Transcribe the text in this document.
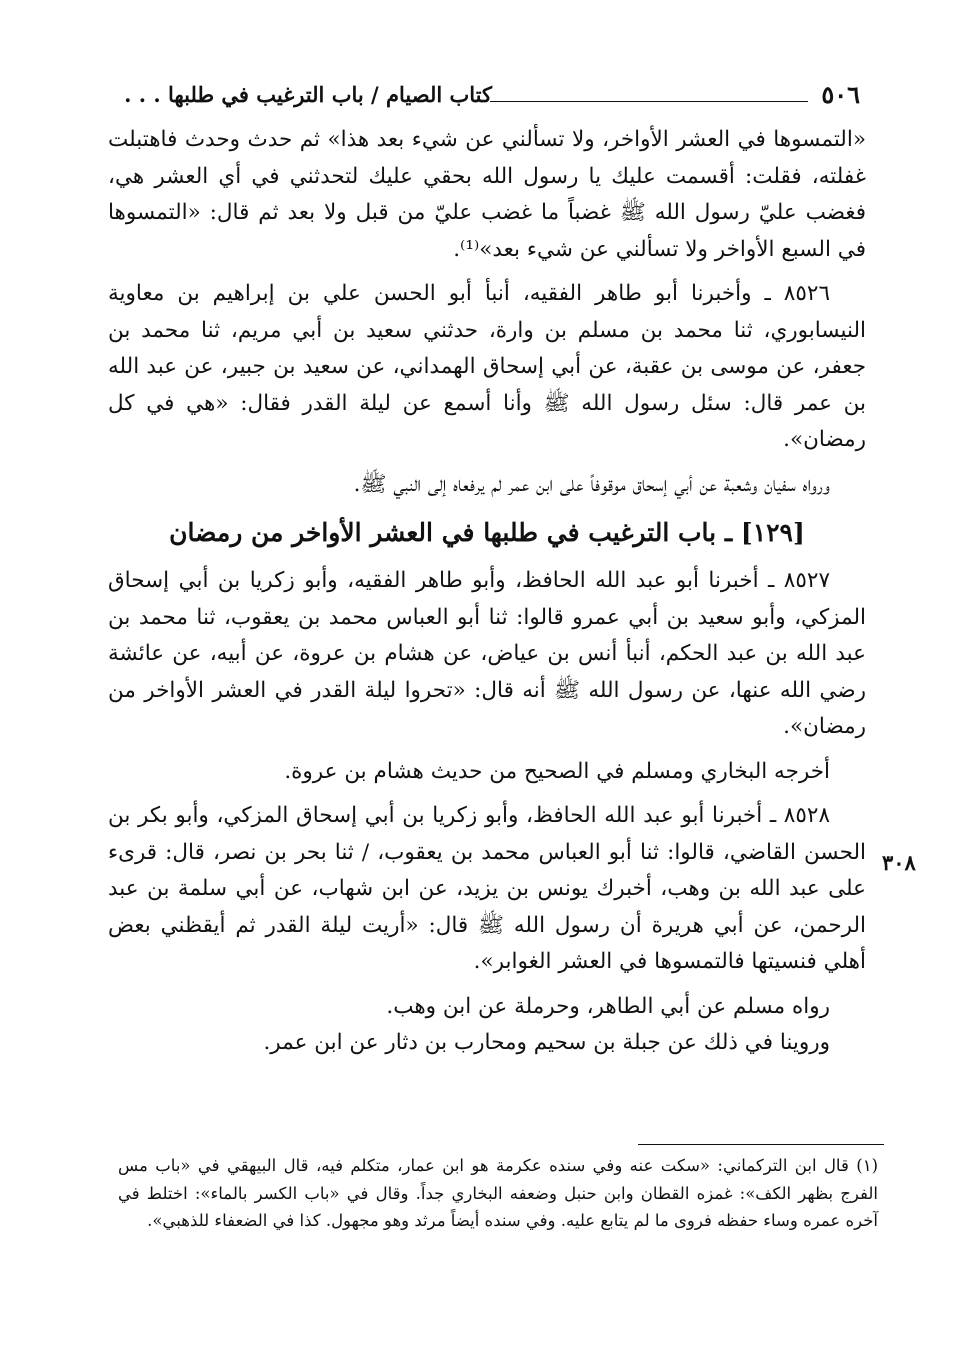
٥٠٦
كتاب الصيام / باب الترغيب في طلبها . . .

«التمسوها في العشر الأواخر، ولا تسألني عن شيء بعد هذا» ثم حدث وحدث فاهتبلت غفلته، فقلت: أقسمت عليك يا رسول الله بحقي عليك لتحدثني في أي العشر هي، فغضب عليّ رسول الله ﷺ غضباً ما غضب عليّ من قبل ولا بعد ثم قال: «التمسوها في السبع الأواخر ولا تسألني عن شيء بعد»⁽¹⁾.

٨٥٢٦ ـ وأخبرنا أبو طاهر الفقيه، أنبأ أبو الحسن علي بن إبراهيم بن معاوية النيسابوري، ثنا محمد بن مسلم بن وارة، حدثني سعيد بن أبي مريم، ثنا محمد بن جعفر، عن موسى بن عقبة، عن أبي إسحاق الهمداني، عن سعيد بن جبير، عن عبد الله بن عمر قال: سئل رسول الله ﷺ وأنا أسمع عن ليلة القدر فقال: «هي في كل رمضان».

ورواه سفيان وشعبة عن أبي إسحاق موقوفاً على ابن عمر لم يرفعاه إلى النبي ﷺ.

[١٢٩] ـ باب الترغيب في طلبها في العشر الأواخر من رمضان

٨٥٢٧ ـ أخبرنا أبو عبد الله الحافظ، وأبو طاهر الفقيه، وأبو زكريا بن أبي إسحاق المزكي، وأبو سعيد بن أبي عمرو قالوا: ثنا أبو العباس محمد بن يعقوب، ثنا محمد بن عبد الله بن عبد الحكم، أنبأ أنس بن عياض، عن هشام بن عروة، عن أبيه، عن عائشة رضي الله عنها، عن رسول الله ﷺ أنه قال: «تحروا ليلة القدر في العشر الأواخر من رمضان».

أخرجه البخاري ومسلم في الصحيح من حديث هشام بن عروة.

٨٥٢٨ ـ أخبرنا أبو عبد الله الحافظ، وأبو زكريا بن أبي إسحاق المزكي، وأبو بكر بن الحسن القاضي، قالوا: ثنا أبو العباس محمد بن يعقوب، / ثنا بحر بن نصر، قال: قرىء على عبد الله بن وهب، أخبرك يونس بن يزيد، عن ابن شهاب، عن أبي سلمة بن عبد الرحمن، عن أبي هريرة أن رسول الله ﷺ قال: «أريت ليلة القدر ثم أيقظني بعض أهلي فنسيتها فالتمسوها في العشر الغوابر».

رواه مسلم عن أبي الطاهر، وحرملة عن ابن وهب.

وروينا في ذلك عن جبلة بن سحيم ومحارب بن دثار عن ابن عمر.

٣٠٨
(١) قال ابن التركماني: «سكت عنه وفي سنده عكرمة هو ابن عمار، متكلم فيه، قال البيهقي في «باب مس الفرج بظهر الكف»: غمزه القطان وابن حنبل وضعفه البخاري جداً. وقال في «باب الكسر بالماء»: اختلط في آخره عمره وساء حفظه فروى ما لم يتابع عليه. وفي سنده أيضاً مرثد وهو مجهول. كذا في الضعفاء للذهبي».
